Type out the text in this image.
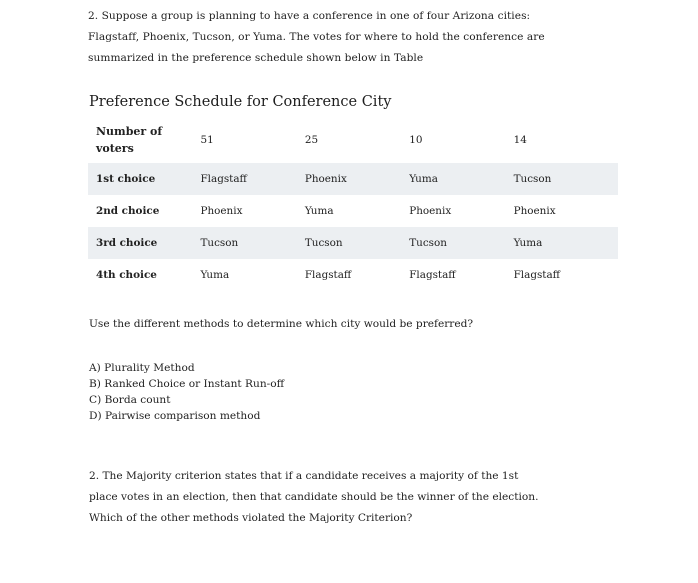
2. Suppose a group is planning to have a conference in one of four Arizona cities:
Flagstaff, Phoenix, Tucson, or Yuma. The votes for where to hold the conference are
summarized in the preference schedule shown below in Table
Preference Schedule for Conference City
Number of
voters	51	25	10	14
1st choice	Flagstaff	Phoenix	Yuma	Tucson
2nd choice	Phoenix	Yuma	Phoenix	Phoenix
3rd choice	Tucson	Tucson	Tucson	Yuma
4th choice	Yuma	Flagstaff	Flagstaff	Flagstaff
Use the different methods to determine which city would be preferred?
A) Plurality Method
B) Ranked Choice or Instant Run-off
C) Borda count
D) Pairwise comparison method
2. The Majority criterion states that if a candidate receives a majority of the 1st
place votes in an election, then that candidate should be the winner of the election.
Which of the other methods violated the Majority Criterion?
